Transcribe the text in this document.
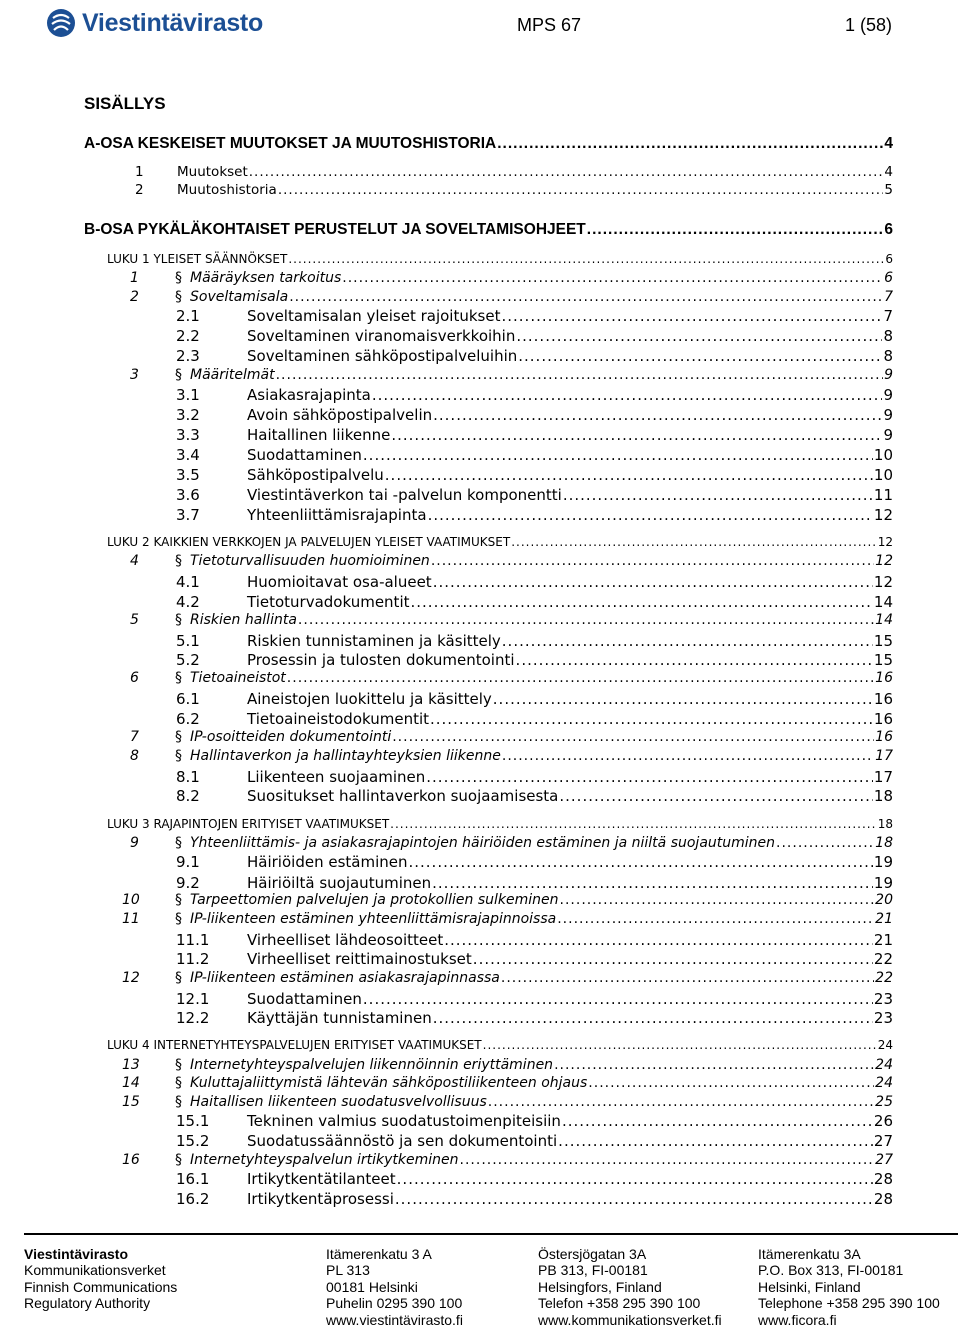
Viestintävirasto	MPS 67	1 (58)
SISÄLLYS
A-OSA KESKEISET MUUTOKSET JA MUUTOSHISTORIA .....	4
1 Muutokset .....	4
2 Muutoshistoria .....	5
B-OSA PYKÄLÄKOHTAISET PERUSTELUT JA SOVELTAMISOHJEET .....	6
LUKU 1 YLEISET SÄÄNNÖKSET .....	6
1	§ Määräyksen tarkoitus .....	6
2	§ Soveltamisala .....	7
2.1	Soveltamisalan yleiset rajoitukset .....	7
2.2	Soveltaminen viranomaisverkkoihin .....	8
2.3	Soveltaminen sähköpostipalveluihin .....	8
3	§ Määritelmät .....	9
3.1	Asiakasrajapinta .....	9
3.2	Avoin sähköpostipalvelin .....	9
3.3	Haitallinen liikenne .....	9
3.4	Suodattaminen .....	10
3.5	Sähköpostipalvelu .....	10
3.6	Viestintäverkon tai -palvelun komponentti .....	11
3.7	Yhteenliittämisrajapinta .....	12
LUKU 2 KAIKKIEN VERKKOJEN JA PALVELUJEN YLEISET VAATIMUKSET .....	12
4	§ Tietoturvallisuuden huomioiminen .....	12
4.1	Huomioitavat osa-alueet .....	12
4.2	Tietoturvadokumentit .....	14
5	§ Riskien hallinta .....	14
5.1	Riskien tunnistaminen ja käsittely .....	15
5.2	Prosessin ja tulosten dokumentointi .....	15
6	§ Tietoaineistot .....	16
6.1	Aineistojen luokittelu ja käsittely .....	16
6.2	Tietoaineistodokumentit .....	16
7	§ IP-osoitteiden dokumentointi .....	16
8	§ Hallintaverkon ja hallintayhteyksien liikenne .....	17
8.1	Liikenteen suojaaminen .....	17
8.2	Suositukset hallintaverkon suojaamisesta .....	18
LUKU 3 RAJAPINTOJEN ERITYISET VAATIMUKSET .....	18
9	§ Yhteenliittämis- ja asiakasrajapintojen häiriöiden estäminen ja niiltä suojautuminen .....	18
9.1	Häiriöiden estäminen .....	19
9.2	Häiriöiltä suojautuminen .....	19
10	§ Tarpeettomien palvelujen ja protokollien sulkeminen .....	20
11	§ IP-liikenteen estäminen yhteenliittämisrajapinnoissa .....	21
11.1	Virheelliset lähdeosoitteet .....	21
11.2	Virheelliset reittimainostukset .....	22
12	§ IP-liikenteen estäminen asiakasrajapinnassa .....	22
12.1	Suodattaminen .....	23
12.2	Käyttäjän tunnistaminen .....	23
LUKU 4 INTERNETYHTEYSPALVELUJEN ERITYISET VAATIMUKSET .....	24
13	§ Internetyhteyspalvelujen liikennöinnin eriyttäminen .....	24
14	§ Kuluttajaliittymistä lähtevän sähköpostiliikenteen ohjaus .....	24
15	§ Haitallisen liikenteen suodatusvelvollisuus .....	25
15.1	Tekninen valmius suodatustoimenpiteisiin .....	26
15.2	Suodatussäännöstö ja sen dokumentointi .....	27
16	§ Internetyhteyspalvelun irtikytkeminen .....	27
16.1	Irtikytkentätilanteet .....	28
16.2	Irtikytkentäprosessi .....	28
Viestintävirasto
Kommunikationsverket
Finnish Communications
Regulatory Authority
Itämerenkatu 3 A
PL 313
00181 Helsinki
Puhelin 0295 390 100
www.viestintävirasto.fi
Östersjögatan 3A
PB 313, FI-00181
Helsingfors, Finland
Telefon +358 295 390 100
www.kommunikationsverket.fi
Itämerenkatu 3A
P.O. Box 313, FI-00181
Helsinki, Finland
Telephone +358 295 390 100
www.ficora.fi
